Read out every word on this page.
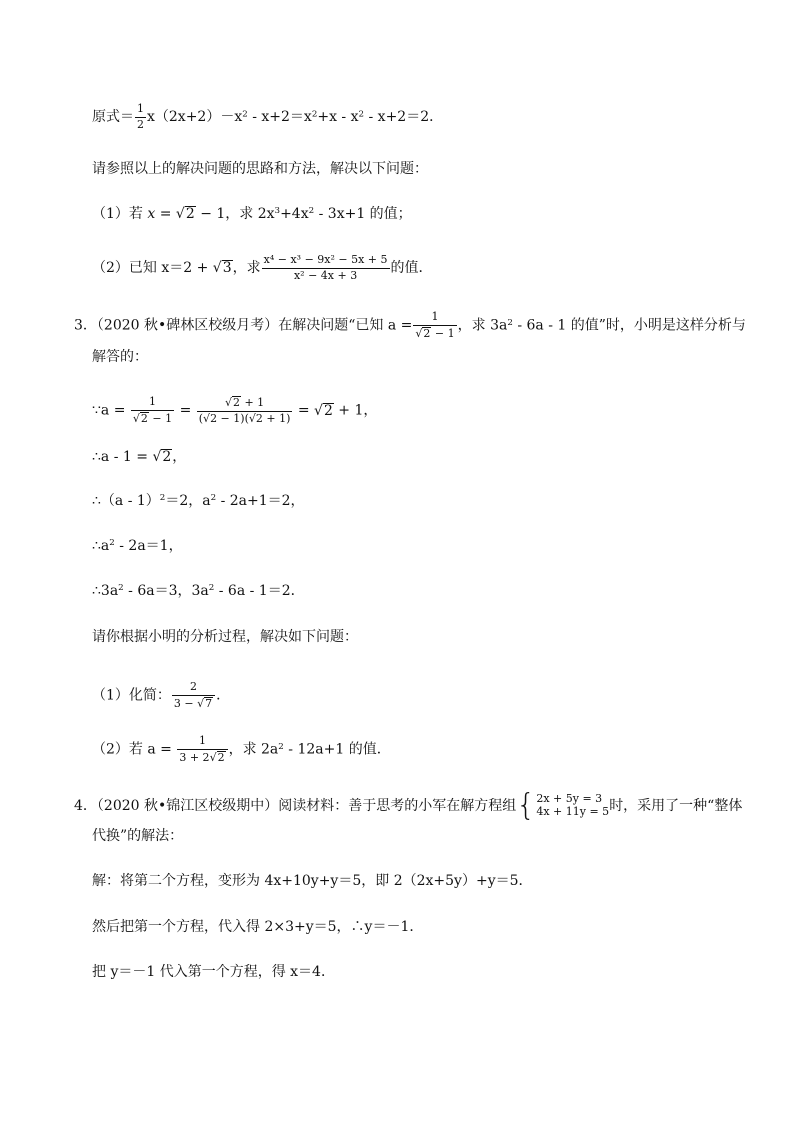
原式＝ $\frac{1}{2} x(2x+2)-x^2 - x+2=x^2+x - x^2 - x+2=2$．
请参照以上的解决问题的思路和方法，解决以下问题：
（1）若 x = √2 − 1，求 $2x^3+4x^2 - 3x+1$ 的值；
（2）已知 x＝2 + √3，求 $\frac{\text{x⁴ − x³ − 9x² − 5x + 5}}{\text{x² − 4x + 3}}$ 的值．
3．（2020 秋•碑林区校级月考）在解决问题“已知 $a = \frac{1}{√2 - 1}$ ，求 $3a^2 - 6a - 1$ 的值”时，小明是这样分析与
解答的：
∵a = $\frac{1}{√2 - 1} = \frac{√2 + 1}{(√2 - 1)(√2 + 1)} = √2 + 1$，
∴a - 1 = √2，
∴（a - 1）$^2$＝2，$a^2 - 2a+1=2$，
$\therefore a^2 - 2a=1$，
$\therefore 3a^2 - 6a=3$，$3a^2 - 6a - 1=2$．
请你根据小明的分析过程，解决如下问题：
（1）化简： $\frac{2}{3 - √7}$ ．
（2）若 $a = \frac{1}{3 + 2√2}$ ，求 $2a^2 - 12a+1$ 的值．
4．（2020 秋•锦江区校级期中）阅读材料：善于思考的小军在解方程组 { 2x + 5y = 3
4x + 11y = 5 时，采用了一种“整体
代换”的解法：
解：将第二个方程，变形为 4x+10y+y＝5，即 2（2x+5y）+y＝5．
然后把第一个方程，代入得 2×3+y＝5，∴y＝－1．
把 y＝－1 代入第一个方程，得 x＝4．
